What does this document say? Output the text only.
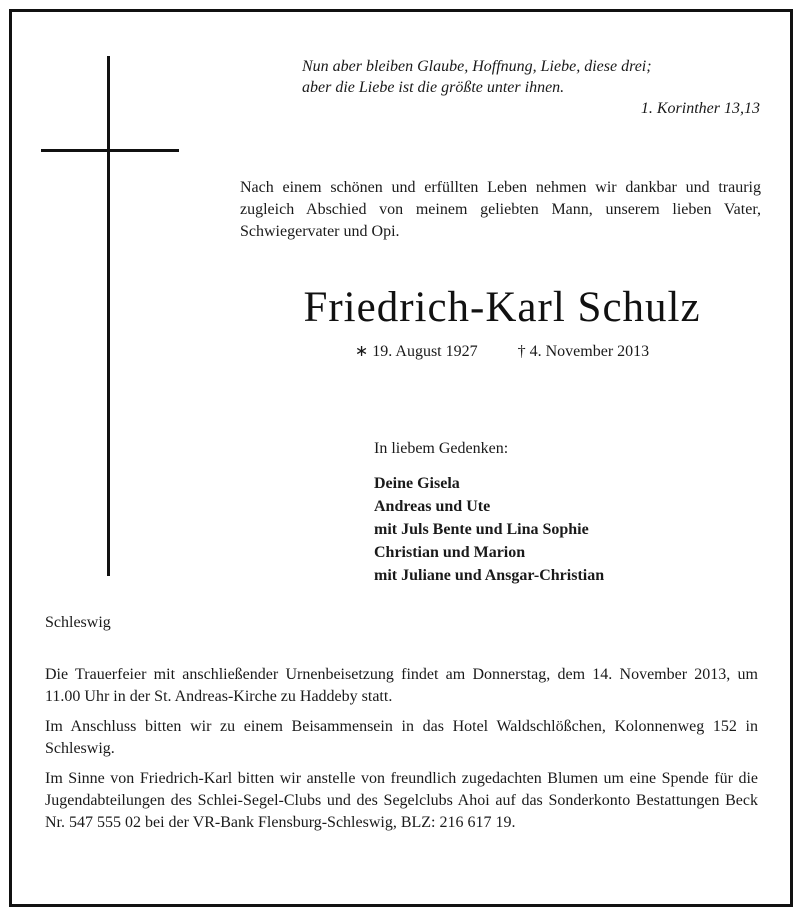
Nun aber bleiben Glaube, Hoffnung, Liebe, diese drei;

aber die Liebe ist die größte unter ihnen.

1. Korinther 13,13

Nach einem schönen und erfüllten Leben nehmen wir dankbar und traurig zugleich Abschied von meinem geliebten Mann, unserem lieben Vater, Schwiegervater und Opi.
Friedrich-Karl Schulz
∗ 19. August 1927	† 4. November 2013
In liebem Gedenken:
Deine Gisela
Andreas und Ute
mit Juls Bente und Lina Sophie
Christian und Marion
mit Juliane und Ansgar-Christian
Schleswig

Die Trauerfeier mit anschließender Urnenbeisetzung findet am Donnerstag, dem 14. November 2013, um 11.00 Uhr in der St. Andreas-Kirche zu Haddeby statt.

Im Anschluss bitten wir zu einem Beisammensein in das Hotel Waldschlößchen, Kolonnenweg 152 in Schleswig.

Im Sinne von Friedrich-Karl bitten wir anstelle von freundlich zugedachten Blumen um eine Spende für die Jugendabteilungen des Schlei-Segel-Clubs und des Segelclubs Ahoi auf das Sonderkonto Bestattungen Beck Nr. 547 555 02 bei der VR-Bank Flensburg-Schleswig, BLZ: 216 617 19.
